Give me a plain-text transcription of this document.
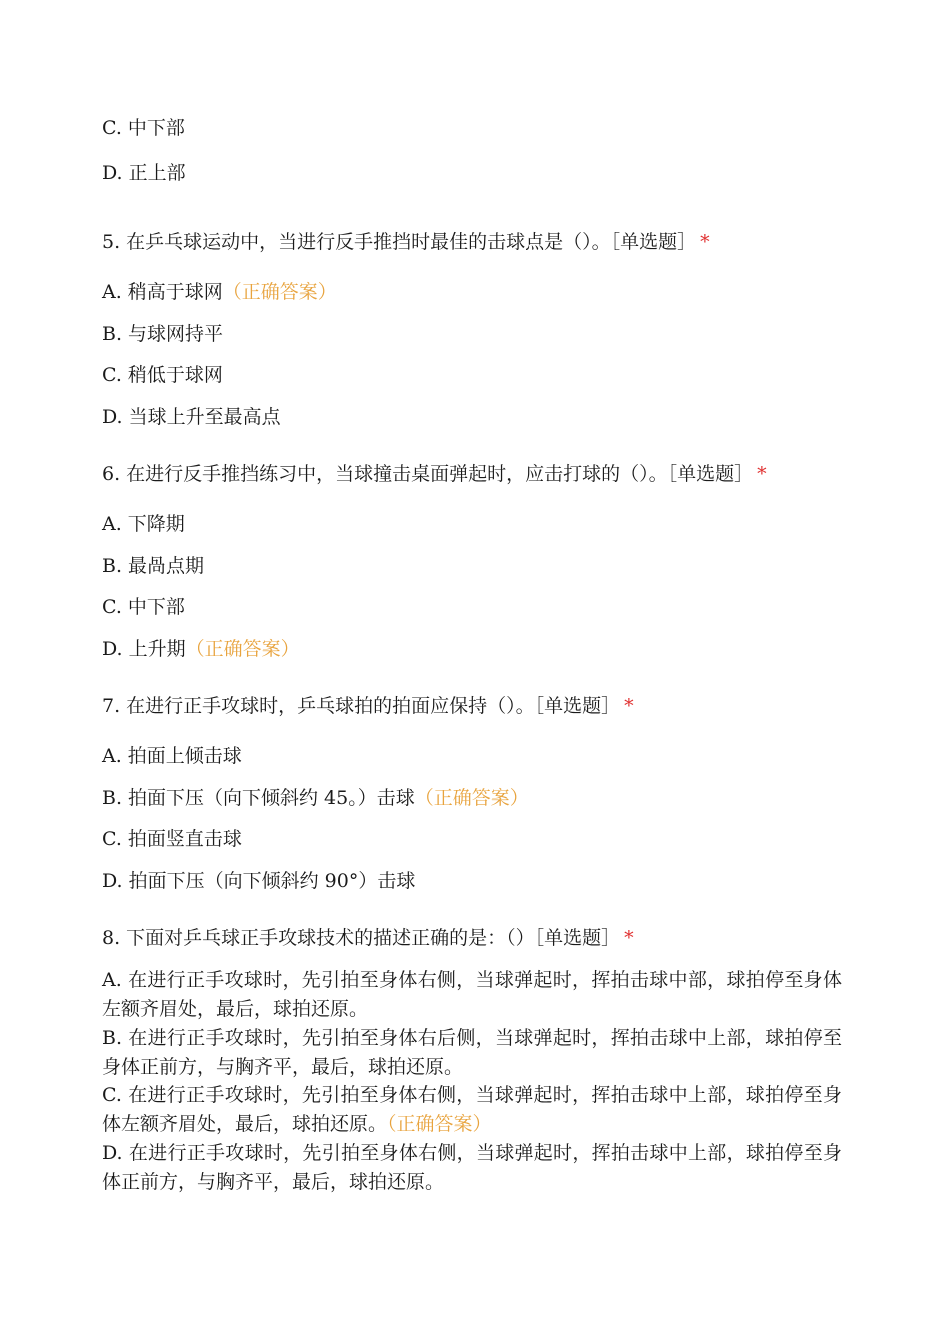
C. 中下部
D. 正上部
5. 在乒乓球运动中，当进行反手推挡时最佳的击球点是（）。［单选题］ *
A. 稍高于球网（正确答案）
B. 与球网持平
C. 稍低于球网
D. 当球上升至最高点
6. 在进行反手推挡练习中，当球撞击桌面弹起时，应击打球的（）。［单选题］ *
A. 下降期
B. 最咼点期
C. 中下部
D. 上升期（正确答案）
7. 在进行正手攻球时，乒乓球拍的拍面应保持（）。［单选题］ *
A. 拍面上倾击球
B. 拍面下压（向下倾斜约 45。）击球（正确答案）
C. 拍面竖直击球
D. 拍面下压（向下倾斜约 90°）击球
8. 下面对乒乓球正手攻球技术的描述正确的是：（）［单选题］ *
A. 在进行正手攻球时，先引拍至身体右侧，当球弹起时，挥拍击球中部，球拍停至身体左额齐眉处，最后，球拍还原。
B. 在进行正手攻球时，先引拍至身体右后侧，当球弹起时，挥拍击球中上部，球拍停至身体正前方，与胸齐平，最后，球拍还原。
C. 在进行正手攻球时，先引拍至身体右侧，当球弹起时，挥拍击球中上部，球拍停至身体左额齐眉处，最后，球拍还原。（正确答案）
D. 在进行正手攻球时，先引拍至身体右侧，当球弹起时，挥拍击球中上部，球拍停至身体正前方，与胸齐平，最后，球拍还原。
